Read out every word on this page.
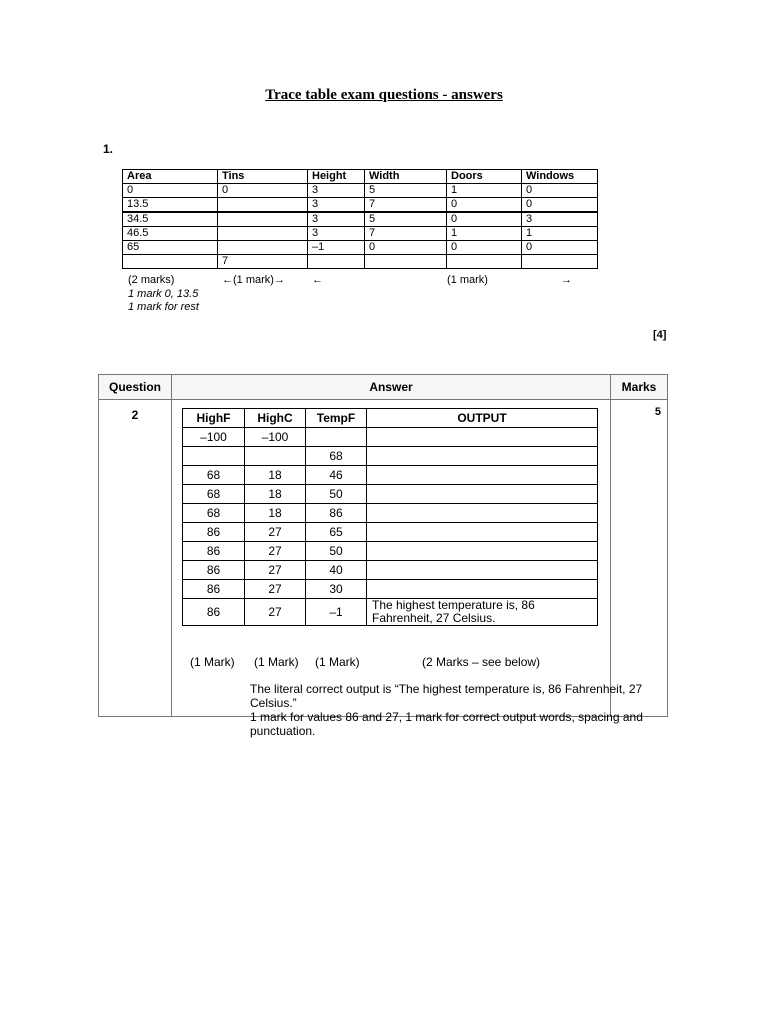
Trace table exam questions - answers
1.
Area	Tins	Height	Width	Doors	Windows
0	0	3	5	1	0
13.5		3	7	0	0
34.5		3	5	0	3
46.5		3	7	1	1
65		–1	0	0	0
	7				
(2 marks)	←(1 mark)→ ←	(1 mark)	→
1 mark 0, 13.5
1 mark for rest
[4]
Question	Answer	Marks
2		HighF	HighC	TempF	OUTPUT
–100	–100		
		68	
68	18	46	
68	18	50	
68	18	86	
86	27	65	
86	27	50	
86	27	40	
86	27	30	
86	27	–1	The highest temperature is, 86 Fahrenheit, 27 Celsius.
(1 Mark) (1 Mark) (1 Mark)	(2 Marks – see below)
The literal correct output is “The highest temperature is, 86 Fahrenheit, 27 Celsius.”
1 mark for values 86 and 27, 1 mark for correct output words, spacing and punctuation.
	5
